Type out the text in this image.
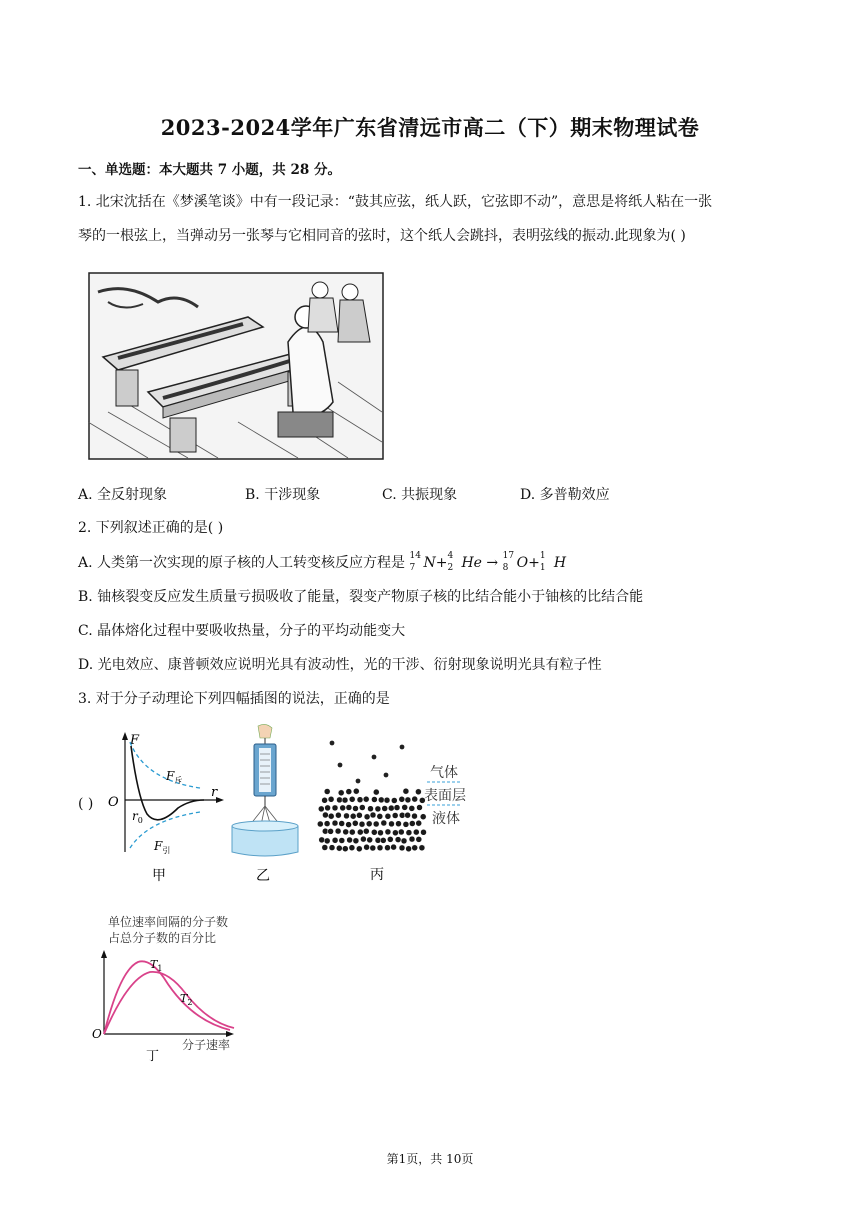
2023-2024学年广东省清远市高二（下）期末物理试卷
一、单选题：本大题共 7 小题，共 28 分。
1. 北宋沈括在《梦溪笔谈》中有一段记录：“鼓其应弦，纸人跃，它弦即不动”，意思是将纸人粘在一张
琴的一根弦上，当弹动另一张琴与它相同音的弦时，这个纸人会跳抖，表明弦线的振动.此现象为( )
A. 全反射现象	B. 干涉现象	C. 共振现象	D. 多普勒效应
2. 下列叙述正确的是( )
A. 人类第一次实现的原子核的人工转变核反应方程是 14
7 N+ 4
2 He → 17
8 O+ 1
1 H
B. 铀核裂变反应发生质量亏损吸收了能量，裂变产物原子核的比结合能小于铀核的比结合能
C. 晶体熔化过程中要吸收热量，分子的平均动能变大
D. 光电效应、康普顿效应说明光具有波动性，光的干涉、衍射现象说明光具有粒子性
3. 对于分子动理论下列四幅插图的说法，正确的是
( )
F
r
O
$r_0$
$F_斥$
$F_引$
甲	乙
气体
表面层
液体
丙
单位速率间隔的分子数
占总分子数的百分比
O
$T_1$
$T_2$
分子速率
丁
第1页，共 10页
